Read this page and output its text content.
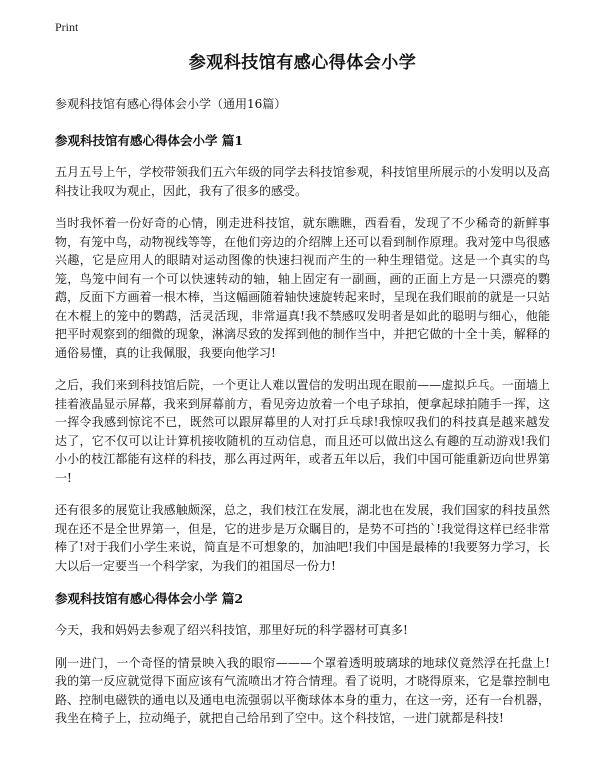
Print
参观科技馆有感心得体会小学

参观科技馆有感心得体会小学（通用16篇）

参观科技馆有感心得体会小学 篇1

五月五号上午，学校带领我们五六年级的同学去科技馆参观，科技馆里所展示的小发明以及高科技让我叹为观止，因此，我有了很多的感受。

当时我怀着一份好奇的心情，刚走进科技馆，就东瞧瞧，西看看，发现了不少稀奇的新鲜事物，有笼中鸟，动物视线等等，在他们旁边的介绍牌上还可以看到制作原理。我对笼中鸟很感兴趣，它是应用人的眼睛对运动图像的快速扫视而产生的一种生理错觉。这是一个真实的鸟笼，鸟笼中间有一个可以快速转动的轴，轴上固定有一副画，画的正面上方是一只漂亮的鹦鹉，反面下方画着一根木棒，当这幅画随着轴快速旋转起来时，呈现在我们眼前的就是一只站在木棍上的笼中的鹦鹉，活灵活现，非常逼真!我不禁感叹发明者是如此的聪明与细心，他能把平时观察到的细微的现象，淋漓尽致的发挥到他的制作当中，并把它做的十全十美，解释的通俗易懂，真的让我佩服，我要向他学习!

之后，我们来到科技馆后院，一个更让人难以置信的发明出现在眼前——虚拟乒乓。一面墙上挂着液晶显示屏幕，我来到屏幕前方，看见旁边放着一个电子球拍，便拿起球拍随手一挥，这一挥令我感到惊诧不已，既然可以跟屏幕里的人对打乒乓球!我惊叹我们的科技真是越来越发达了，它不仅可以让计算机接收随机的互动信息，而且还可以做出这么有趣的互动游戏!我们小小的枝江都能有这样的科技，那么再过两年，或者五年以后，我们中国可能重新迈向世界第一!

还有很多的展览让我感触颇深，总之，我们枝江在发展，湖北也在发展，我们国家的科技虽然现在还不是全世界第一，但是，它的进步是万众瞩目的，是势不可挡的`!我觉得这样已经非常棒了!对于我们小学生来说，简直是不可想象的，加油吧!我们中国是最棒的!我要努力学习，长大以后一定要当一个科学家，为我们的祖国尽一份力!

参观科技馆有感心得体会小学 篇2

今天，我和妈妈去参观了绍兴科技馆，那里好玩的科学器材可真多!

刚一进门，一个奇怪的情景映入我的眼帘———个罩着透明玻璃球的地球仪竟然浮在托盘上!我的第一反应就觉得下面应该有气流喷出才符合情理。看了说明，才晓得原来，它是靠控制电路、控制电磁铁的通电以及通电电流强弱以平衡球体本身的重力，在这一旁，还有一台机器，我坐在椅子上，拉动绳子，就把自己给吊到了空中。这个科技馆，一进门就都是科技!
